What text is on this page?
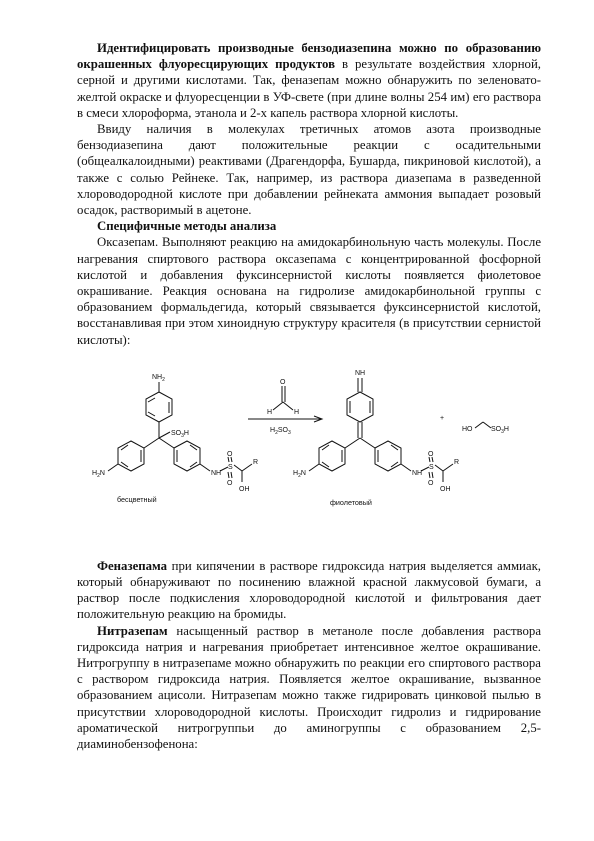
Идентифицировать производные бензодиазепина можно по образованию окрашенных флуоресцирующих продуктов в результате воздействия хлорной, серной и другими кислотами. Так, феназепам можно обнаружить по зеленовато-желтой окраске и флуоресценции в УФ-свете (при длине волны 254 им) его раствора в смеси хлороформа, этанола и 2-х капель раствора хлорной кислоты.

Ввиду наличия в молекулах третичных атомов азота производные бензодиазепина дают положительные реакции с осадительными (общеалкалоидными) реактивами (Драгендорфа, Бушарда, пикриновой кислотой), а также с солью Рейнеке. Так, например, из раствора диазепама в разведенной хлороводородной кислоте при добавлении рейнеката аммония выпадает розовый осадок, растворимый в ацетоне.

Специфичные методы анализа

Оксазепам. Выполняют реакцию на амидокарбинольную часть молекулы. После нагревания спиртового раствора оксазепама с концентрированной фосфорной кислотой и добавления фуксинсернистой кислоты появляется фиолетовое окрашивание. Реакция основана на гидролизе амидокарбинольной группы с образованием формальдегида, который связывается фуксинсернистой кислотой, восстанавливая при этом хиноидную структуру красителя (в присутствии сернистой кислоты):

$NH_2$
$SO_3H$
$H_2N$	NH
O
S
O
R
OH
бесцветный
O
H	H
$H_2SO_3$
NH
$H_2N$	NH
O
S
O
R
OH
фиолетовый
+
HO	$SO_3H$

Феназепама при кипячении в растворе гидроксида натрия выделяется аммиак, который обнаруживают по посинению влажной красной лакмусовой бумаги, а раствор после подкисления хлороводородной кислотой и фильтрования дает положительную реакцию на бромиды.

Нитразепам насыщенный раствор в метаноле после добавления раствора гидроксида натрия и нагревания приобретает интенсивное желтое окрашивание. Нитрогруппу в нитразепаме можно обнаружить по реакции его спиртового раствора с раствором гидроксида натрия. Появляется желтое окрашивание, вызванное образованием ацисоли. Нитразепам можно также гидрировать цинковой пылью в присутствии хлороводородной кислоты. Происходит гидролиз и гидрирование ароматической нитрогруппьи до аминогруппы с образованием 2,5-диаминобензофенона:
